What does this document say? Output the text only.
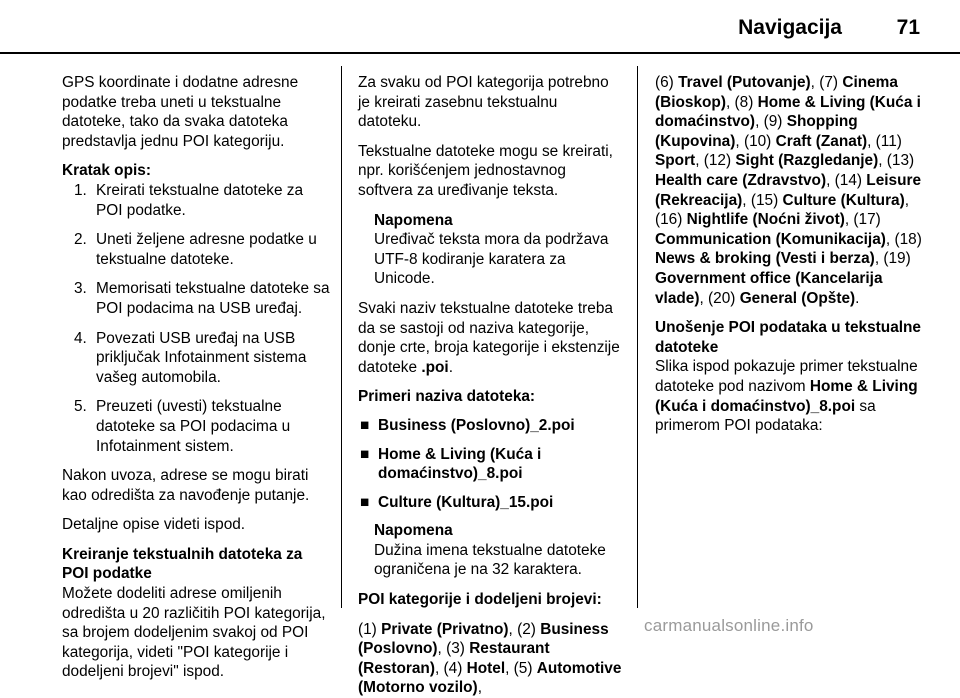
Navigacija	71

GPS koordinate i dodatne adresne podatke treba uneti u tekstualne datoteke, tako da svaka datoteka predstavlja jednu POI kategoriju.

Kratak opis:
1. Kreirati tekstualne datoteke za POI podatke.
2. Uneti željene adresne podatke u tekstualne datoteke.
3. Memorisati tekstualne datoteke sa POI podacima na USB uređaj.
4. Povezati USB uređaj na USB priključak Infotainment sistema vašeg automobila.
5. Preuzeti (uvesti) tekstualne datoteke sa POI podacima u Infotainment sistem.

Nakon uvoza, adrese se mogu birati kao odredišta za navođenje putanje.

Detaljne opise videti ispod.

Kreiranje tekstualnih datoteka za POI podatke

Možete dodeliti adrese omiljenih odredišta u 20 različitih POI kategorija, sa brojem dodeljenim svakoj od POI kategorija, videti "POI kategorije i dodeljeni brojevi" ispod.

Za svaku od POI kategorija potrebno je kreirati zasebnu tekstualnu datoteku.

Tekstualne datoteke mogu se kreirati, npr. korišćenjem jednostavnog softvera za uređivanje teksta.

Napomena
Uređivač teksta mora da podržava UTF-8 kodiranje karatera za Unicode.

Svaki naziv tekstualne datoteke treba da se sastoji od naziva kategorije, donje crte, broja kategorije i ekstenzije datoteke .poi.

Primeri naziva datoteka:
■ Business (Poslovno)_2.poi
■ Home & Living (Kuća i domaćinstvo)_8.poi
■ Culture (Kultura)_15.poi
Napomena
Dužina imena tekstualne datoteke ograničena je na 32 karaktera.

POI kategorije i dodeljeni brojevi:

(1) Private (Privatno), (2) Business (Poslovno), (3) Restaurant (Restoran), (4) Hotel, (5) Automotive (Motorno vozilo),

(6) Travel (Putovanje), (7) Cinema (Bioskop), (8) Home & Living (Kuća i domaćinstvo), (9) Shopping (Kupovina), (10) Craft (Zanat), (11) Sport, (12) Sight (Razgledanje), (13) Health care (Zdravstvo), (14) Leisure (Rekreacija), (15) Culture (Kultura), (16) Nightlife (Noćni život), (17) Communication (Komunikacija), (18) News & broking (Vesti i berza), (19) Government office (Kancelarija vlade), (20) General (Opšte).

Unošenje POI podataka u tekstualne datoteke

Slika ispod pokazuje primer tekstualne datoteke pod nazivom Home & Living (Kuća i domaćinstvo)_8.poi sa primerom POI podataka:

carmanualsonline.info
